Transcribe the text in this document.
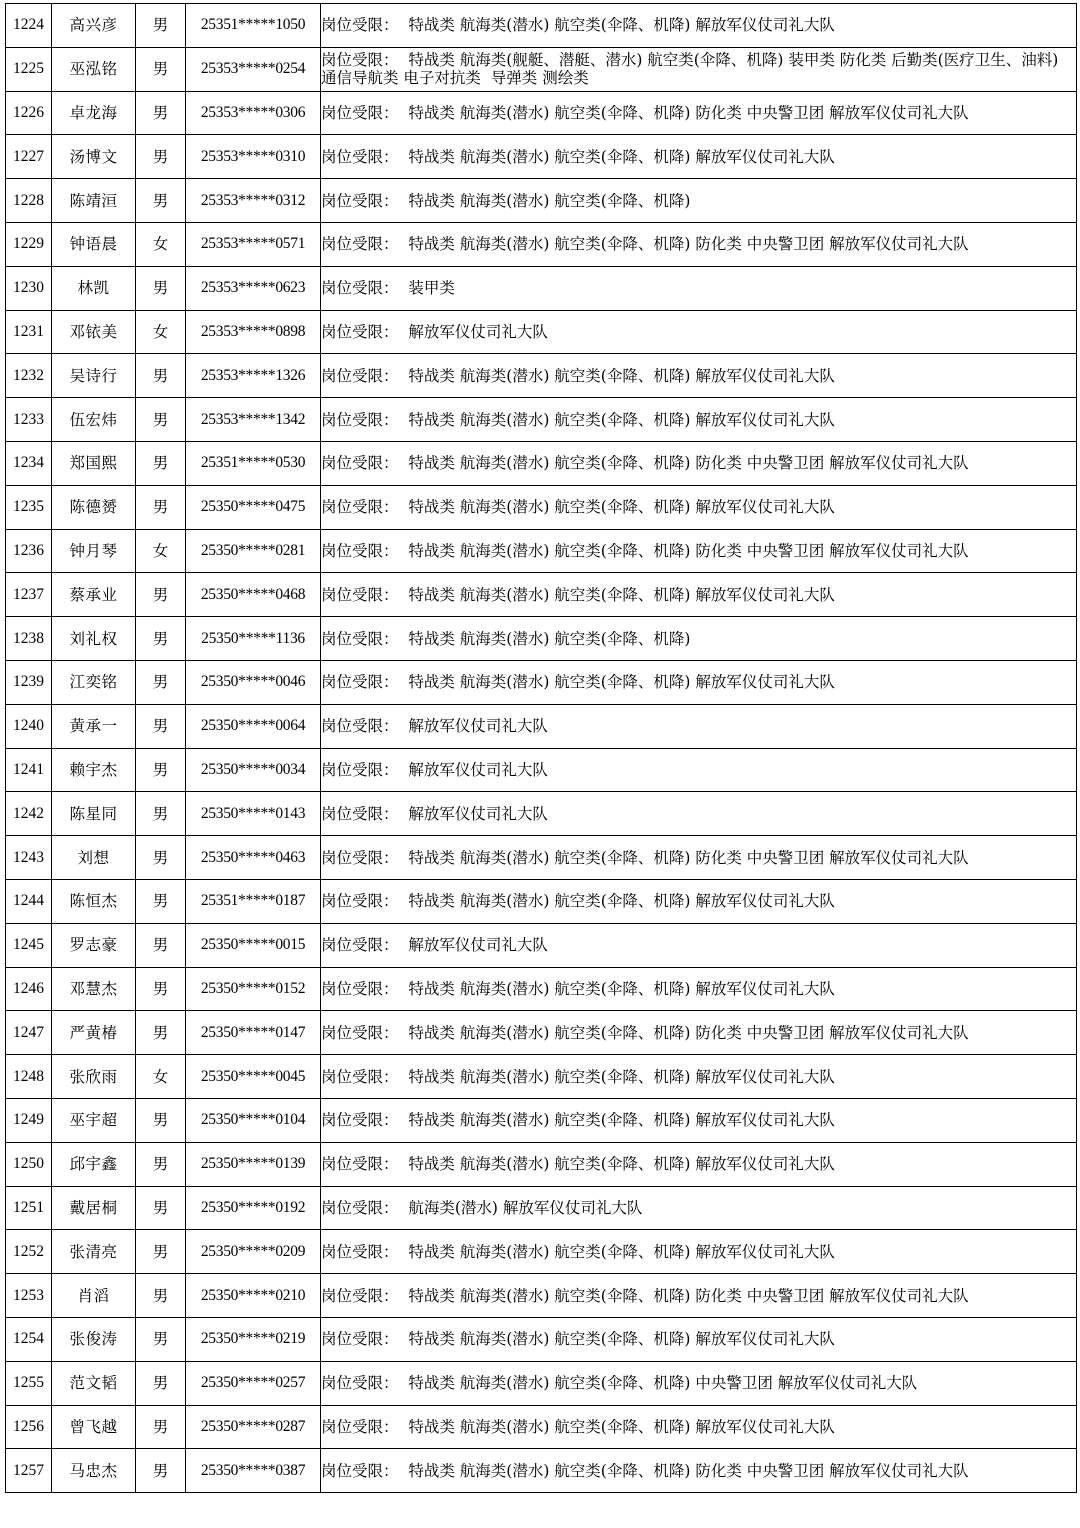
1224	高兴彦	男	25351*****1050	岗位受限：  特战类 航海类(潜水) 航空类(伞降、机降) 解放军仪仗司礼大队
1225	巫泓铭	男	25353*****0254	岗位受限：  特战类 航海类(舰艇、潜艇、潜水) 航空类(伞降、机降) 装甲类 防化类 后勤类(医疗卫生、油料)  通信导航类 电子对抗类  导弹类 测绘类
1226	卓龙海	男	25353*****0306	岗位受限：  特战类 航海类(潜水) 航空类(伞降、机降) 防化类 中央警卫团 解放军仪仗司礼大队
1227	汤博文	男	25353*****0310	岗位受限：  特战类 航海类(潜水) 航空类(伞降、机降) 解放军仪仗司礼大队
1228	陈靖洹	男	25353*****0312	岗位受限：  特战类 航海类(潜水) 航空类(伞降、机降)
1229	钟语晨	女	25353*****0571	岗位受限：  特战类 航海类(潜水) 航空类(伞降、机降) 防化类 中央警卫团 解放军仪仗司礼大队
1230	林凯	男	25353*****0623	岗位受限：  装甲类
1231	邓铱美	女	25353*****0898	岗位受限：  解放军仪仗司礼大队
1232	吴诗行	男	25353*****1326	岗位受限：  特战类 航海类(潜水) 航空类(伞降、机降) 解放军仪仗司礼大队
1233	伍宏炜	男	25353*****1342	岗位受限：  特战类 航海类(潜水) 航空类(伞降、机降) 解放军仪仗司礼大队
1234	郑国熙	男	25351*****0530	岗位受限：  特战类 航海类(潜水) 航空类(伞降、机降) 防化类 中央警卫团 解放军仪仗司礼大队
1235	陈德赟	男	25350*****0475	岗位受限：  特战类 航海类(潜水) 航空类(伞降、机降) 解放军仪仗司礼大队
1236	钟月琴	女	25350*****0281	岗位受限：  特战类 航海类(潜水) 航空类(伞降、机降) 防化类 中央警卫团 解放军仪仗司礼大队
1237	蔡承业	男	25350*****0468	岗位受限：  特战类 航海类(潜水) 航空类(伞降、机降) 解放军仪仗司礼大队
1238	刘礼权	男	25350*****1136	岗位受限：  特战类 航海类(潜水) 航空类(伞降、机降)
1239	江奕铭	男	25350*****0046	岗位受限：  特战类 航海类(潜水) 航空类(伞降、机降) 解放军仪仗司礼大队
1240	黄承一	男	25350*****0064	岗位受限：  解放军仪仗司礼大队
1241	赖宇杰	男	25350*****0034	岗位受限：  解放军仪仗司礼大队
1242	陈星同	男	25350*****0143	岗位受限：  解放军仪仗司礼大队
1243	刘想	男	25350*****0463	岗位受限：  特战类 航海类(潜水) 航空类(伞降、机降) 防化类 中央警卫团 解放军仪仗司礼大队
1244	陈恒杰	男	25351*****0187	岗位受限：  特战类 航海类(潜水) 航空类(伞降、机降) 解放军仪仗司礼大队
1245	罗志豪	男	25350*****0015	岗位受限：  解放军仪仗司礼大队
1246	邓慧杰	男	25350*****0152	岗位受限：  特战类 航海类(潜水) 航空类(伞降、机降) 解放军仪仗司礼大队
1247	严黄椿	男	25350*****0147	岗位受限：  特战类 航海类(潜水) 航空类(伞降、机降) 防化类 中央警卫团 解放军仪仗司礼大队
1248	张欣雨	女	25350*****0045	岗位受限：  特战类 航海类(潜水) 航空类(伞降、机降) 解放军仪仗司礼大队
1249	巫宇超	男	25350*****0104	岗位受限：  特战类 航海类(潜水) 航空类(伞降、机降) 解放军仪仗司礼大队
1250	邱宇鑫	男	25350*****0139	岗位受限：  特战类 航海类(潜水) 航空类(伞降、机降) 解放军仪仗司礼大队
1251	戴居桐	男	25350*****0192	岗位受限：  航海类(潜水) 解放军仪仗司礼大队
1252	张清亮	男	25350*****0209	岗位受限：  特战类 航海类(潜水) 航空类(伞降、机降) 解放军仪仗司礼大队
1253	肖滔	男	25350*****0210	岗位受限：  特战类 航海类(潜水) 航空类(伞降、机降) 防化类 中央警卫团 解放军仪仗司礼大队
1254	张俊涛	男	25350*****0219	岗位受限：  特战类 航海类(潜水) 航空类(伞降、机降) 解放军仪仗司礼大队
1255	范文韬	男	25350*****0257	岗位受限：  特战类 航海类(潜水) 航空类(伞降、机降) 中央警卫团 解放军仪仗司礼大队
1256	曾飞越	男	25350*****0287	岗位受限：  特战类 航海类(潜水) 航空类(伞降、机降) 解放军仪仗司礼大队
1257	马忠杰	男	25350*****0387	岗位受限：  特战类 航海类(潜水) 航空类(伞降、机降) 防化类 中央警卫团 解放军仪仗司礼大队
